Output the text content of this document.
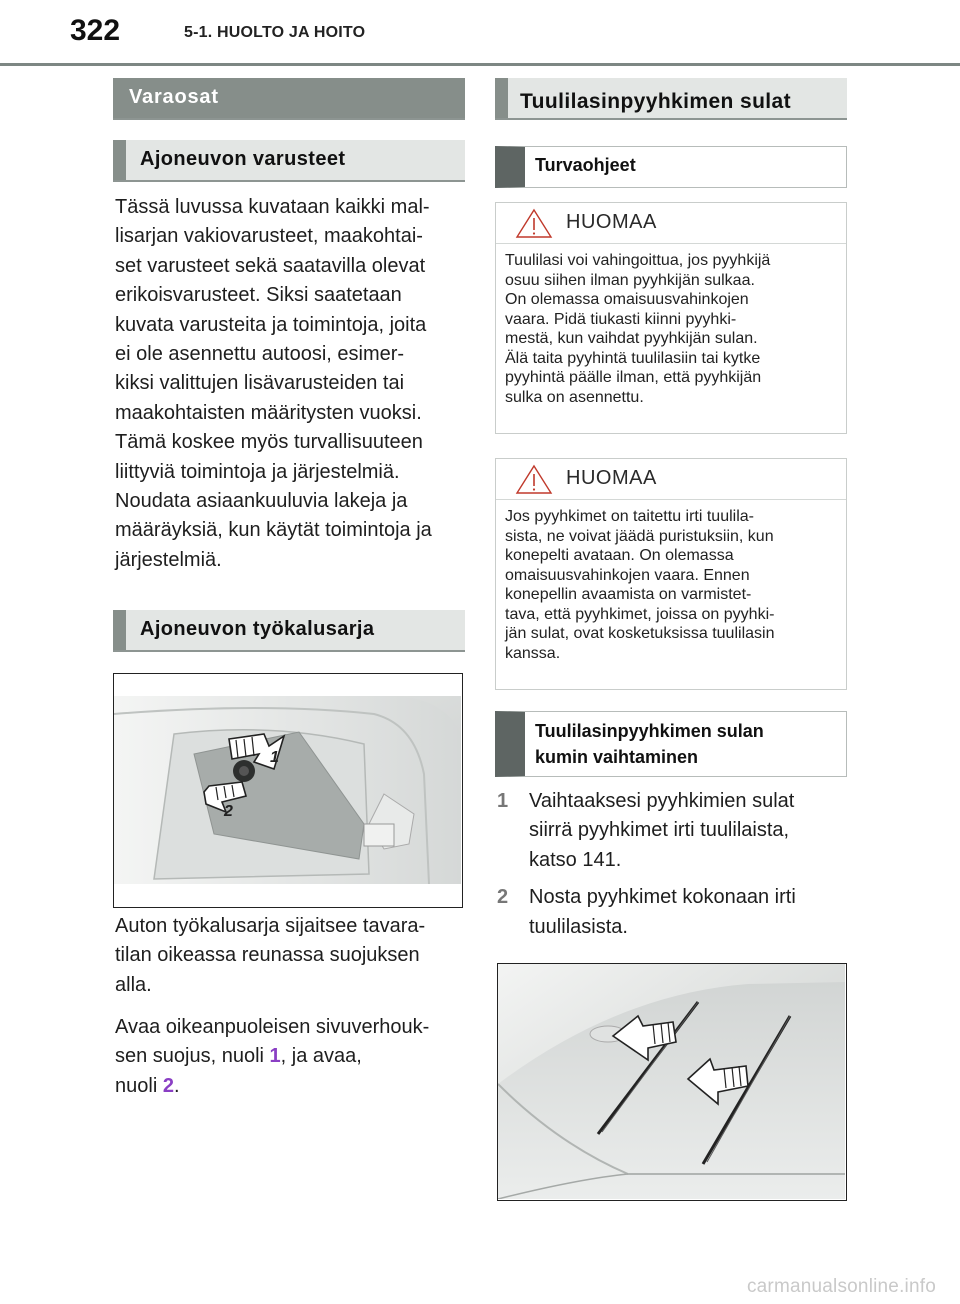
322	5-1. HUOLTO JA HOITO
Varaosat
Ajoneuvon varusteet

Tässä luvussa kuvataan kaikki mal-

lisarjan vakiovarusteet, maakohtai-

set varusteet sekä saatavilla olevat

erikoisvarusteet. Siksi saatetaan

kuvata varusteita ja toimintoja, joita

ei ole asennettu autoosi, esimer-

kiksi valittujen lisävarusteiden tai

maakohtaisten määritysten vuoksi.

Tämä koskee myös turvallisuuteen

liittyviä toimintoja ja järjestelmiä.

Noudata asiaankuuluvia lakeja ja

määräyksiä, kun käytät toimintoja ja

järjestelmiä.

Ajoneuvon työkalusarja
1
2

Auton työkalusarja sijaitsee tavara-

tilan oikeassa reunassa suojuksen

alla.

Avaa oikeanpuoleisen sivuverhouk-

sen suojus, nuoli 1, ja avaa,

nuoli 2.

Tuulilasinpyyhkimen sulat
Turvaohjeet
HUOMAA
Tuulilasi voi vahingoittua, jos pyyhkijä
osuu siihen ilman pyyhkijän sulkaa.
On olemassa omaisuusvahinkojen
vaara. Pidä tiukasti kiinni pyyhki-
mestä, kun vaihdat pyyhkijän sulan.
Älä taita pyyhintä tuulilasiin tai kytke
pyyhintä päälle ilman, että pyyhkijän
sulka on asennettu.
HUOMAA
Jos pyyhkimet on taitettu irti tuulila-
sista, ne voivat jäädä puristuksiin, kun
konepelti avataan. On olemassa
omaisuusvahinkojen vaara. Ennen
konepellin avaamista on varmistet-
tava, että pyyhkimet, joissa on pyyhki-
jän sulat, ovat kosketuksissa tuulilasin
kanssa.
Tuulilasinpyyhkimen sulan
kumin vaihtaminen
1	Vaihtaaksesi pyyhkimien sulat

siirrä pyyhkimet irti tuulilaista,

katso 141.

2	Nosta pyyhkimet kokonaan irti

tuulilasista.

carmanualsonline.info
